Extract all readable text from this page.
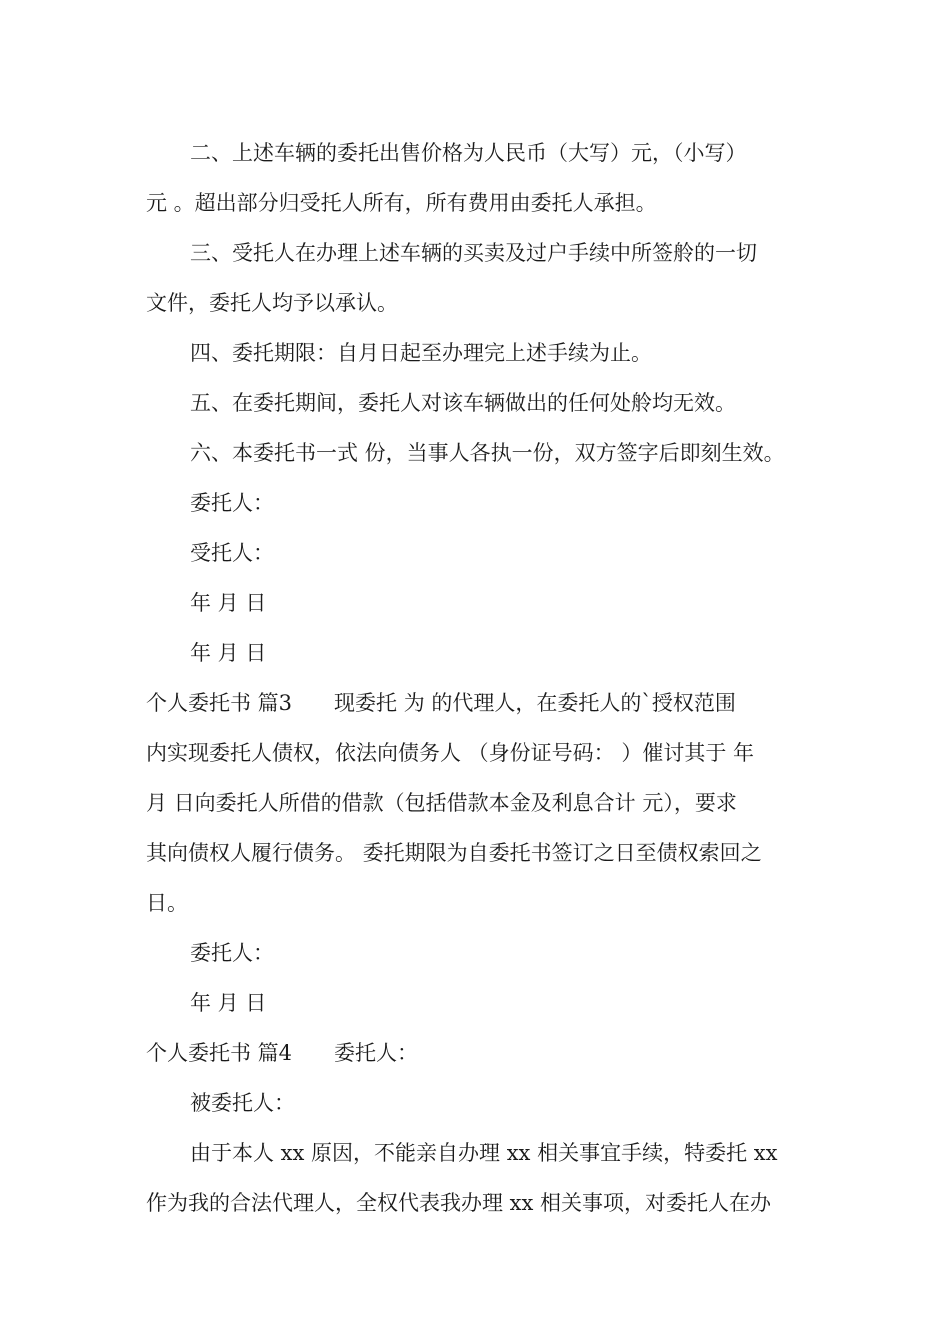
二、上述车辆的委托出售价格为人民币（大写）元，（小写）

元 。超出部分归受托人所有，所有费用由委托人承担。

三、受托人在办理上述车辆的买卖及过户手续中所签舲的一切

文件，委托人均予以承认。

四、委托期限：自月日起至办理完上述手续为止。

五、在委托期间，委托人对该车辆做出的任何处舲均无效。

六、本委托书一式 份，当事人各执一份，双方签字后即刻生效。

委托人：

受托人：

年 月 日

年 月 日

个人委托书 篇3　　现委托 为 的代理人，在委托人的`授权范围

内实现委托人债权，依法向债务人 （身份证号码： ）催讨其于 年

月 日向委托人所借的借款（包括借款本金及利息合计 元），要求

其向债权人履行债务。 委托期限为自委托书签订之日至债权索回之

日。

委托人：

年 月 日

个人委托书 篇4　　委托人：

被委托人：

由于本人 xx 原因，不能亲自办理 xx 相关事宜手续，特委托 xx

作为我的合法代理人，全权代表我办理 xx 相关事项，对委托人在办
